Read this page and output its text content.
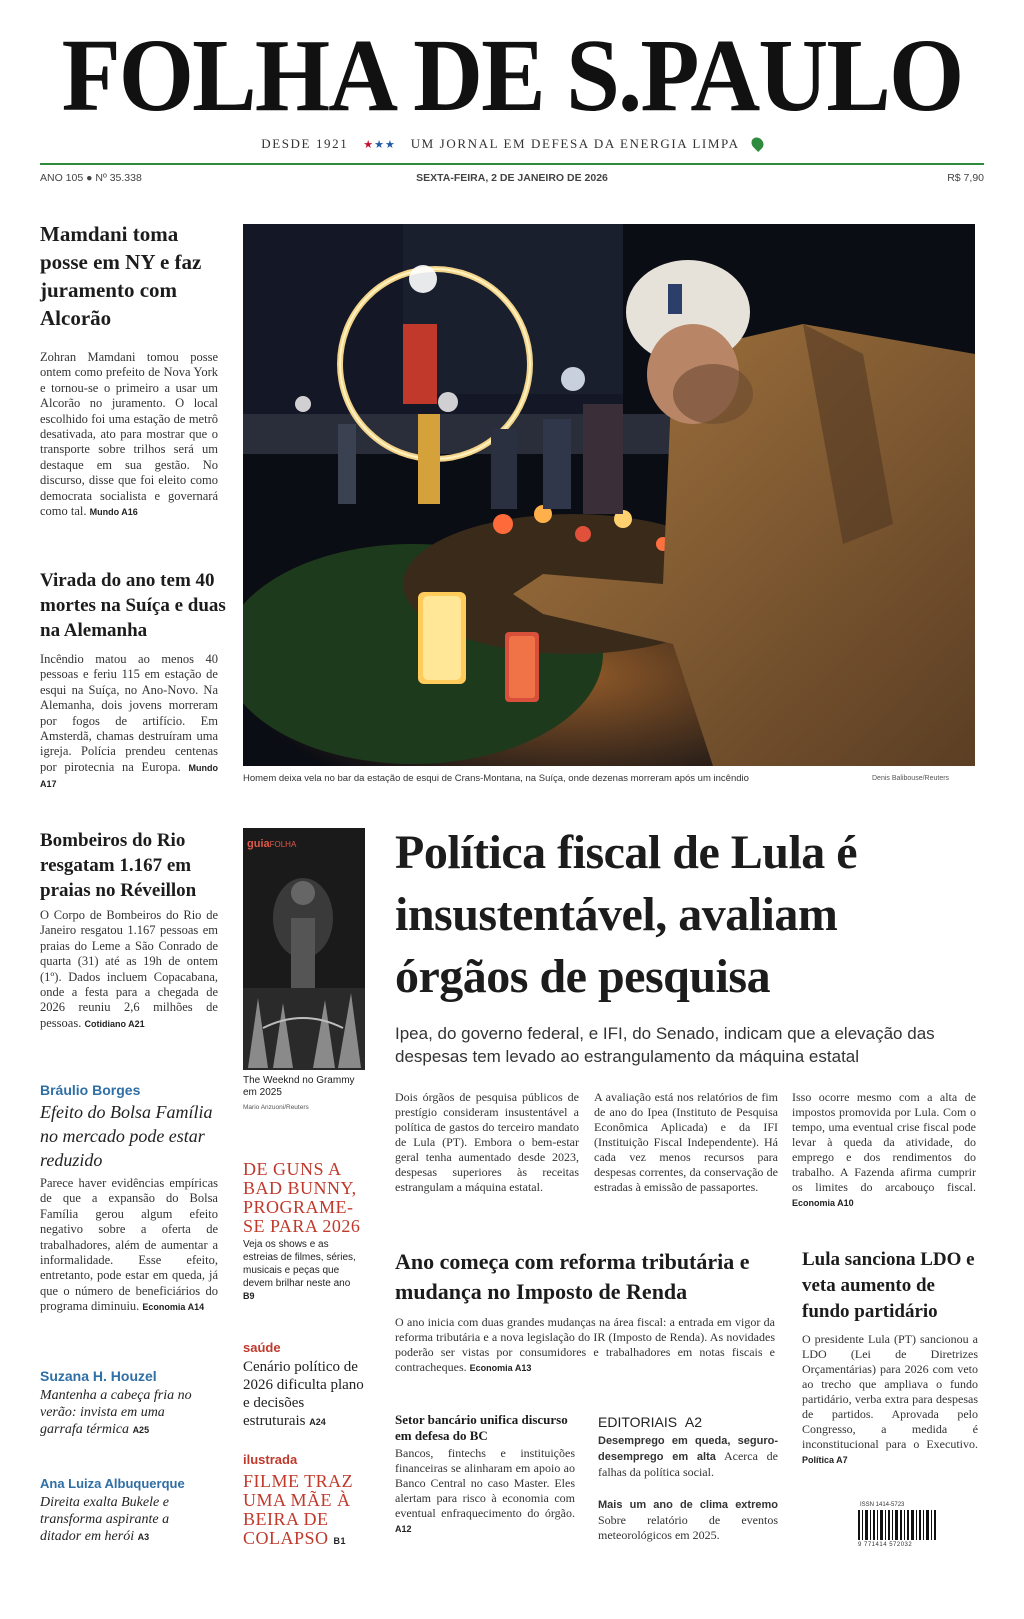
FOLHA DE S.PAULO
DESDE 1921 ★★★ UM JORNAL EM DEFESA DA ENERGIA LIMPA
ANO 105 ● Nº 35.338	SEXTA-FEIRA, 2 DE JANEIRO DE 2026	R$ 7,90
Mamdani toma posse em NY e faz juramento com Alcorão
Zohran Mamdani tomou posse ontem como prefeito de Nova York e tornou-se o primeiro a usar um Alcorão no juramento. O local escolhido foi uma estação de metrô desativada, ato para mostrar que o transporte sobre trilhos será um destaque em sua gestão. No discurso, disse que foi eleito como democrata socialista e governará como tal. Mundo A16
Virada do ano tem 40 mortes na Suíça e duas na Alemanha
Incêndio matou ao menos 40 pessoas e feriu 115 em estação de esqui na Suíça, no Ano-Novo. Na Alemanha, dois jovens morreram por fogos de artifício. Em Amsterdã, chamas destruíram uma igreja. Polícia prendeu centenas por pirotecnia na Europa. Mundo A17
Bombeiros do Rio resgatam 1.167 em praias no Réveillon
O Corpo de Bombeiros do Rio de Janeiro resgatou 1.167 pessoas em praias do Leme a São Conrado de quarta (31) até as 19h de ontem (1º). Dados incluem Copacabana, onde a festa para a chegada de 2026 reuniu 2,6 milhões de pessoas. Cotidiano A21
Bráulio Borges
Efeito do Bolsa Família no mercado pode estar reduzido
Parece haver evidências empíricas de que a expansão do Bolsa Família gerou algum efeito negativo sobre a oferta de trabalhadores, além de aumentar a informalidade. Esse efeito, entretanto, pode estar em queda, já que o número de beneficiários do programa diminuiu. Economia A14
Suzana H. Houzel
Mantenha a cabeça fria no verão: invista em uma garrafa térmica A25
Ana Luiza Albuquerque
Direita exalta Bukele e transforma aspirante a ditador em herói A3
Homem deixa vela no bar da estação de esqui de Crans-Montana, na Suíça, onde dezenas morreram após um incêndio	Denis Balibouse/Reuters
guiaFOLHA
The Weeknd no Grammy em 2025
Mario Anzuoni/Reuters
DE GUNS A BAD BUNNY, PROGRAME-SE PARA 2026
Veja os shows e as estreias de filmes, séries, musicais e peças que devem brilhar neste ano B9
saúde
Cenário político de 2026 dificulta plano e decisões estruturais A24
ilustrada
FILME TRAZ UMA MÃE À BEIRA DE COLAPSO B1
Política fiscal de Lula é insustentável, avaliam órgãos de pesquisa
Ipea, do governo federal, e IFI, do Senado, indicam que a elevação das despesas tem levado ao estrangulamento da máquina estatal
Dois órgãos de pesquisa públicos de prestígio consideram insustentável a política de gastos do terceiro mandato de Lula (PT). Embora o bem-estar geral tenha aumentado desde 2023, despesas superiores às receitas estrangulam a máquina estatal.
A avaliação está nos relatórios de fim de ano do Ipea (Instituto de Pesquisa Econômica Aplicada) e da IFI (Instituição Fiscal Independente). Há cada vez menos recursos para despesas correntes, da conservação de estradas à emissão de passaportes.
Isso ocorre mesmo com a alta de impostos promovida por Lula. Com o tempo, uma eventual crise fiscal pode levar à queda da atividade, do emprego e dos rendimentos do trabalho. A Fazenda afirma cumprir os limites do arcabouço fiscal. Economia A10
Ano começa com reforma tributária e mudança no Imposto de Renda
O ano inicia com duas grandes mudanças na área fiscal: a entrada em vigor da reforma tributária e a nova legislação do IR (Imposto de Renda). As novidades poderão ser vistas por consumidores e trabalhadores em notas fiscais e contracheques. Economia A13
Lula sanciona LDO e veta aumento de fundo partidário
O presidente Lula (PT) sancionou a LDO (Lei de Diretrizes Orçamentárias) para 2026 com veto ao trecho que ampliava o fundo partidário, verba extra para despesas de partidos. Aprovada pelo Congresso, a medida é inconstitucional para o Executivo. Política A7
Setor bancário unifica discurso em defesa do BC
Bancos, fintechs e instituições financeiras se alinharam em apoio ao Banco Central no caso Master. Eles alertam para risco à economia com eventual enfraquecimento do órgão. A12
EDITORIAIS A2
Desemprego em queda, seguro-desemprego em alta Acerca de falhas da política social.
Mais um ano de clima extremo Sobre relatório de eventos meteorológicos em 2025.
ISSN 1414-5723
9 771414 572032
